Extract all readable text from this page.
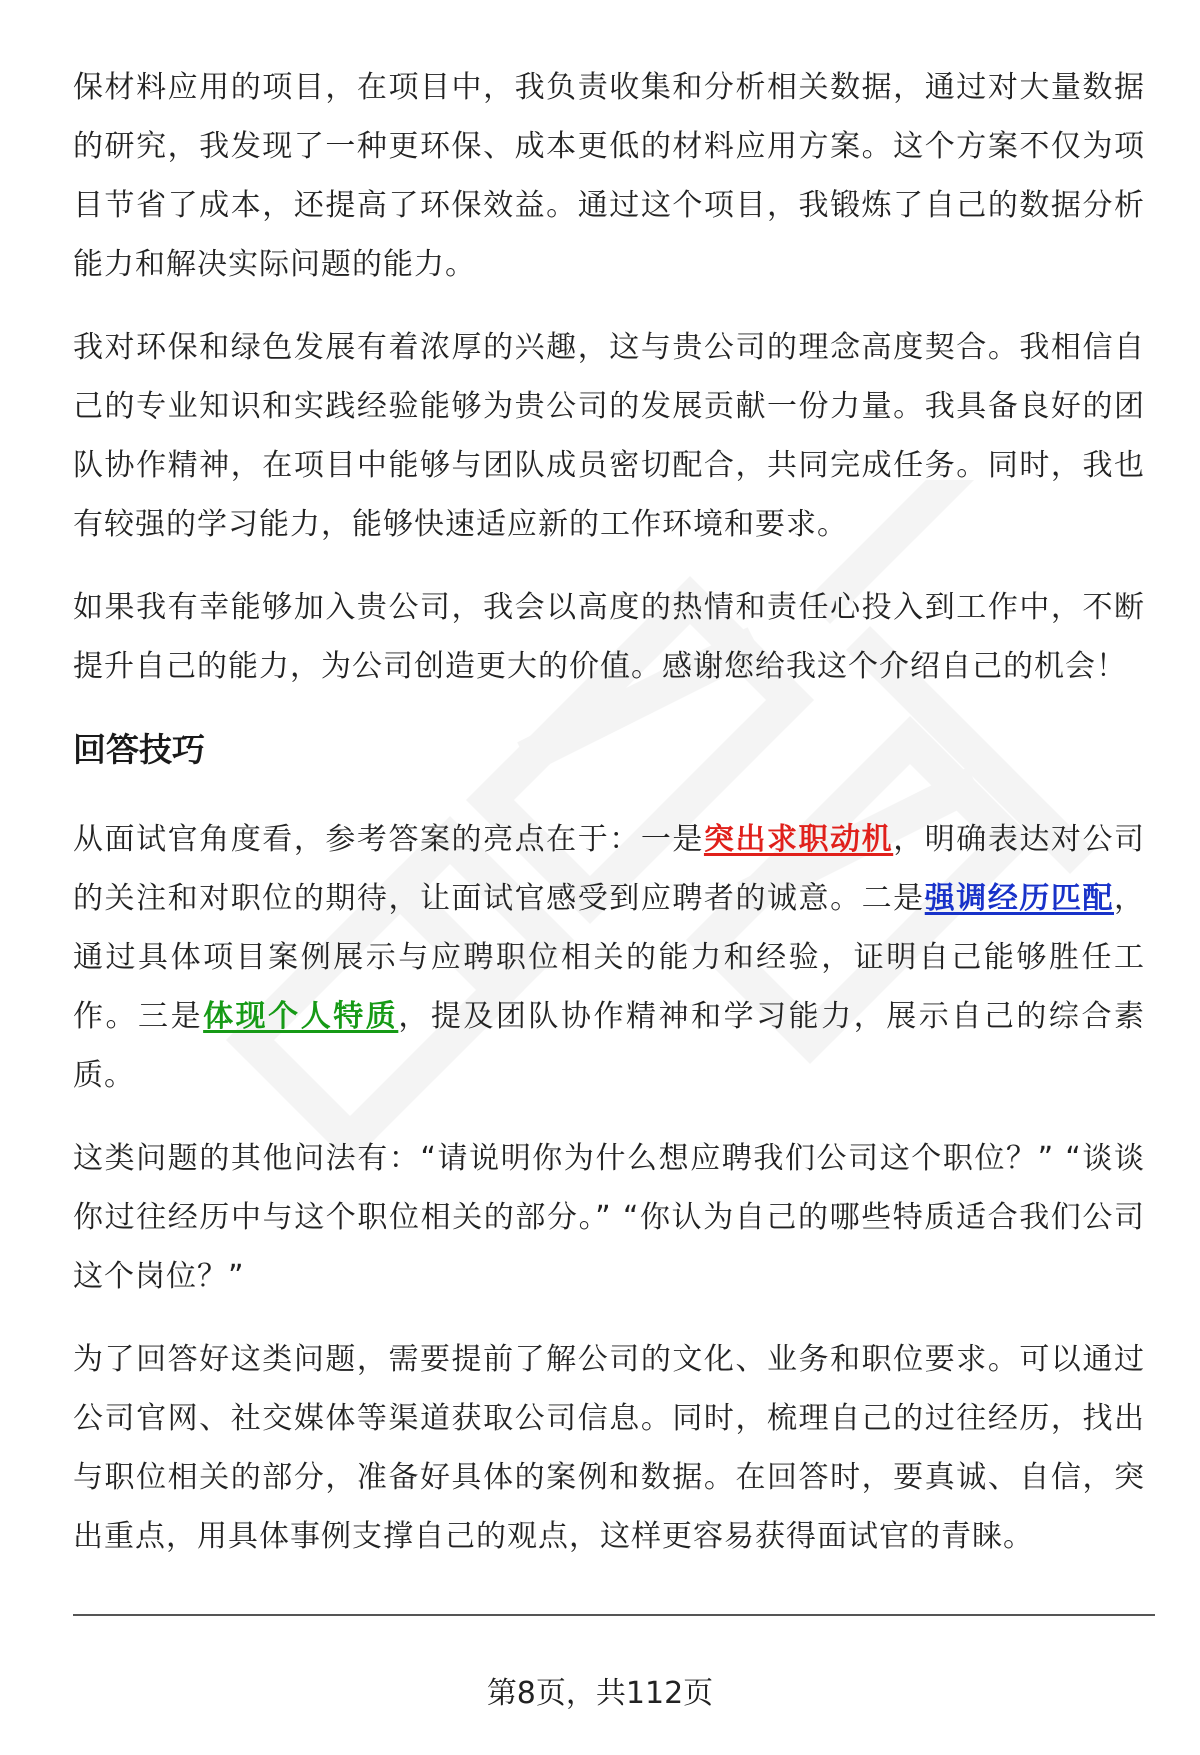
保材料应用的项目，在项目中，我负责收集和分析相关数据，通过对大量数据的研究，我发现了一种更环保、成本更低的材料应用方案。这个方案不仅为项目节省了成本，还提高了环保效益。通过这个项目，我锻炼了自己的数据分析能力和解决实际问题的能力。

我对环保和绿色发展有着浓厚的兴趣，这与贵公司的理念高度契合。我相信自己的专业知识和实践经验能够为贵公司的发展贡献一份力量。我具备良好的团队协作精神，在项目中能够与团队成员密切配合，共同完成任务。同时，我也有较强的学习能力，能够快速适应新的工作环境和要求。

如果我有幸能够加入贵公司，我会以高度的热情和责任心投入到工作中，不断提升自己的能力，为公司创造更大的价值。感谢您给我这个介绍自己的机会！

回答技巧

从面试官角度看，参考答案的亮点在于：一是突出求职动机，明确表达对公司的关注和对职位的期待，让面试官感受到应聘者的诚意。二是强调经历匹配，通过具体项目案例展示与应聘职位相关的能力和经验，证明自己能够胜任工作。三是体现个人特质，提及团队协作精神和学习能力，展示自己的综合素质。

这类问题的其他问法有：“请说明你为什么想应聘我们公司这个职位？” “谈谈你过往经历中与这个职位相关的部分。” “你认为自己的哪些特质适合我们公司这个岗位？”

为了回答好这类问题，需要提前了解公司的文化、业务和职位要求。可以通过公司官网、社交媒体等渠道获取公司信息。同时，梳理自己的过往经历，找出与职位相关的部分，准备好具体的案例和数据。在回答时，要真诚、自信，突出重点，用具体事例支撑自己的观点，这样更容易获得面试官的青睐。

第8页，共112页
